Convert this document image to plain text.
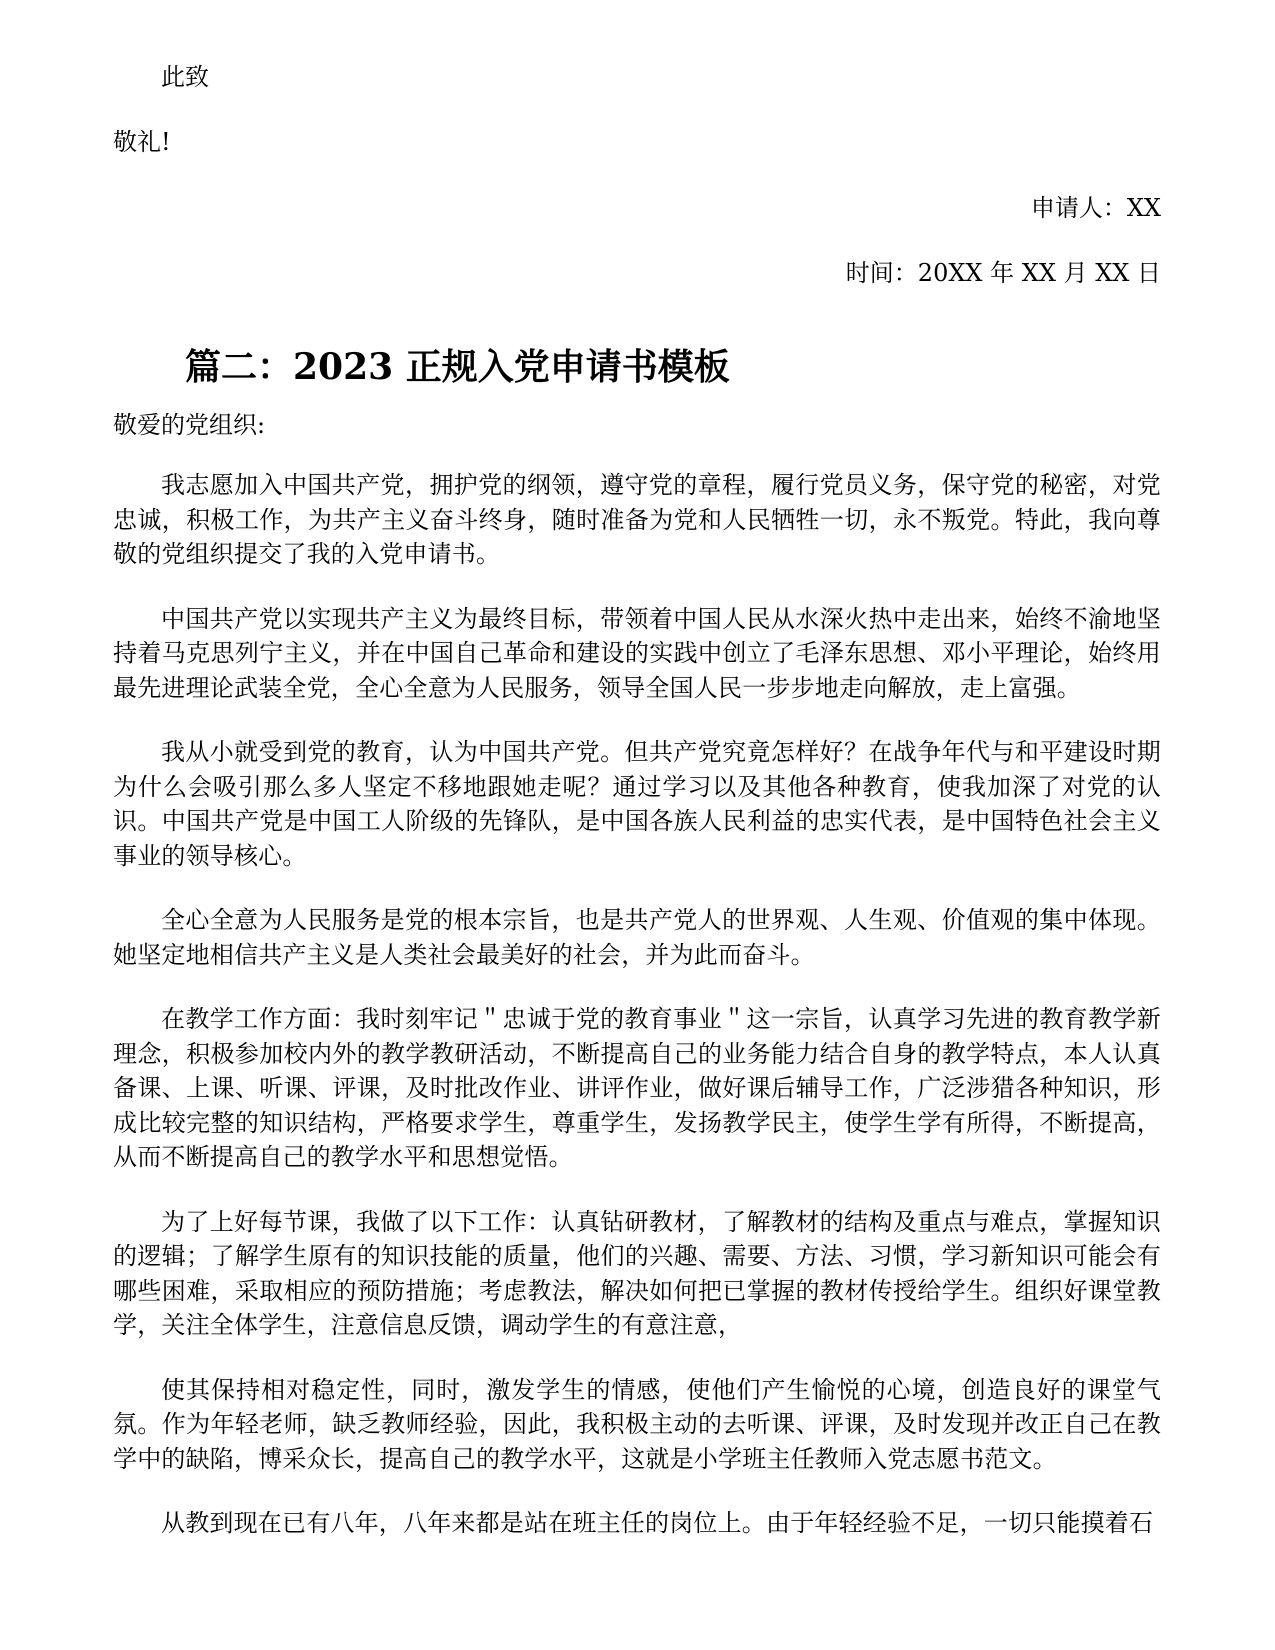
此致

敬礼!

申请人：XX

时间：20XX 年 XX 月 XX 日

篇二：2023 正规入党申请书模板

敬爱的党组织:

我志愿加入中国共产党，拥护党的纲领，遵守党的章程，履行党员义务，保守党的秘密，对党忠诚，积极工作，为共产主义奋斗终身，随时准备为党和人民牺牲一切，永不叛党。特此，我向尊敬的党组织提交了我的入党申请书。

中国共产党以实现共产主义为最终目标，带领着中国人民从水深火热中走出来，始终不渝地坚持着马克思列宁主义，并在中国自己革命和建设的实践中创立了毛泽东思想、邓小平理论，始终用最先进理论武装全党，全心全意为人民服务，领导全国人民一步步地走向解放，走上富强。

我从小就受到党的教育，认为中国共产党。但共产党究竟怎样好？在战争年代与和平建设时期为什么会吸引那么多人坚定不移地跟她走呢？通过学习以及其他各种教育，使我加深了对党的认识。中国共产党是中国工人阶级的先锋队，是中国各族人民利益的忠实代表，是中国特色社会主义事业的领导核心。

全心全意为人民服务是党的根本宗旨，也是共产党人的世界观、人生观、价值观的集中体现。她坚定地相信共产主义是人类社会最美好的社会，并为此而奋斗。

在教学工作方面：我时刻牢记＂忠诚于党的教育事业＂这一宗旨，认真学习先进的教育教学新理念，积极参加校内外的教学教研活动，不断提高自己的业务能力结合自身的教学特点，本人认真备课、上课、听课、评课，及时批改作业、讲评作业，做好课后辅导工作，广泛涉猎各种知识，形成比较完整的知识结构，严格要求学生，尊重学生，发扬教学民主，使学生学有所得，不断提高，从而不断提高自己的教学水平和思想觉悟。

为了上好每节课，我做了以下工作：认真钻研教材，了解教材的结构及重点与难点，掌握知识的逻辑；了解学生原有的知识技能的质量，他们的兴趣、需要、方法、习惯，学习新知识可能会有哪些困难，采取相应的预防措施；考虑教法，解决如何把已掌握的教材传授给学生。组织好课堂教学，关注全体学生，注意信息反馈，调动学生的有意注意，

使其保持相对稳定性，同时，激发学生的情感，使他们产生愉悦的心境，创造良好的课堂气氛。作为年轻老师，缺乏教师经验，因此，我积极主动的去听课、评课，及时发现并改正自己在教学中的缺陷，博采众长，提高自己的教学水平，这就是小学班主任教师入党志愿书范文。

从教到现在已有八年，八年来都是站在班主任的岗位上。由于年轻经验不足，一切只能摸着石
